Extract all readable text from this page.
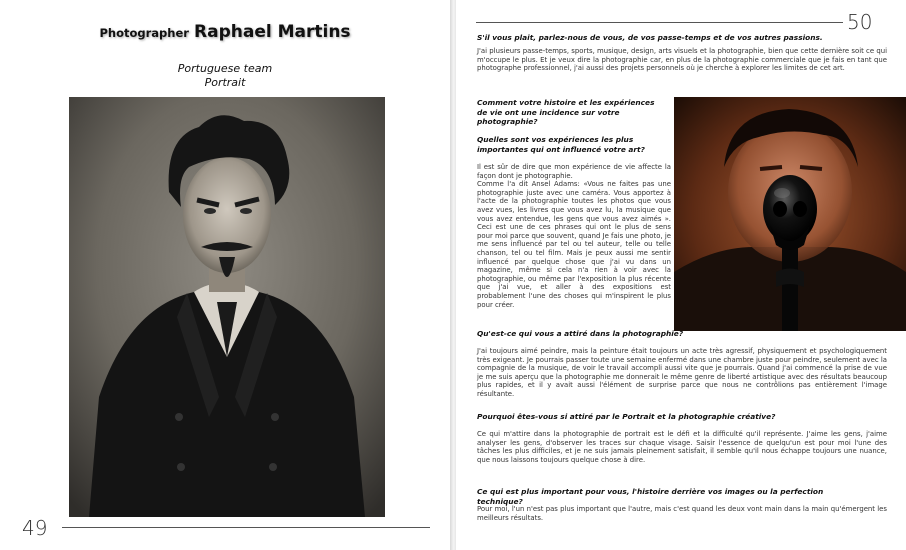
Photographer Raphael Martins
Portuguese team
Portrait
49
50
S'il vous plait, parlez-nous de vous, de vos passe-temps et de vos autres passions.

J'ai plusieurs passe-temps, sports, musique, design, arts visuels et la photographie, bien que cette dernière soit ce qui m'occupe le plus. Et je veux dire la photographie car, en plus de la photographie commerciale que je fais en tant que photographe professionnel, j'ai aussi des projets personnels où je cherche à explorer les limites de cet art.

Comment votre histoire et les expériences de vie ont une incidence sur votre photographie?
Quelles sont vos expériences les plus importantes qui ont influencé votre art?

Il est sûr de dire que mon expérience de vie affecte la façon dont je photographie.

Comme l'a dit Ansel Adams: «Vous ne faites pas une photographie juste avec une caméra. Vous apportez à l'acte de la photographie toutes les photos que vous avez vues, les livres que vous avez lu, la musique que vous avez entendue, les gens que vous avez aimés ». Ceci est une de ces phrases qui ont le plus de sens pour moi parce que souvent, quand Je fais une photo, je me sens influencé par tel ou tel auteur, telle ou telle chanson, tel ou tel film. Mais je peux aussi me sentir influencé par quelque chose que j'ai vu dans un magazine, même si cela n'a rien à voir avec la photographie, ou même par l'exposition la plus récente que j'ai vue, et aller à des expositions est probablement l'une des choses qui m'inspirent le plus pour créer.

Qu'est-ce qui vous a attiré dans la photographie?

J'ai toujours aimé peindre, mais la peinture était toujours un acte très agressif, physiquement et psychologiquement très exigeant. Je pourrais passer toute une semaine enfermé dans une chambre juste pour peindre, seulement avec la compagnie de la musique, de voir le travail accompli aussi vite que je pourrais. Quand j'ai commencé la prise de vue je me suis aperçu que la photographie me donnerait le même genre de liberté artistique avec des résultats beaucoup plus rapides, et il y avait aussi l'élément de surprise parce que nous ne contrôlions pas entièrement l'image résultante.

Pourquoi êtes-vous si attiré par le Portrait et la photographie créative?

Ce qui m'attire dans la photographie de portrait est le défi et la difficulté qu'il représente. J'aime les gens, j'aime analyser les gens, d'observer les traces sur chaque visage. Saisir l'essence de quelqu'un est pour moi l'une des tâches les plus difficiles, et je ne suis jamais pleinement satisfait, il semble qu'il nous échappe toujours une nuance, que nous laissons toujours quelque chose à dire.

Ce qui est plus important pour vous, l'histoire derrière vos images ou la perfection technique?

Pour moi, l'un n'est pas plus important que l'autre, mais c'est quand les deux vont main dans la main qu'émergent les meilleurs résultats.
